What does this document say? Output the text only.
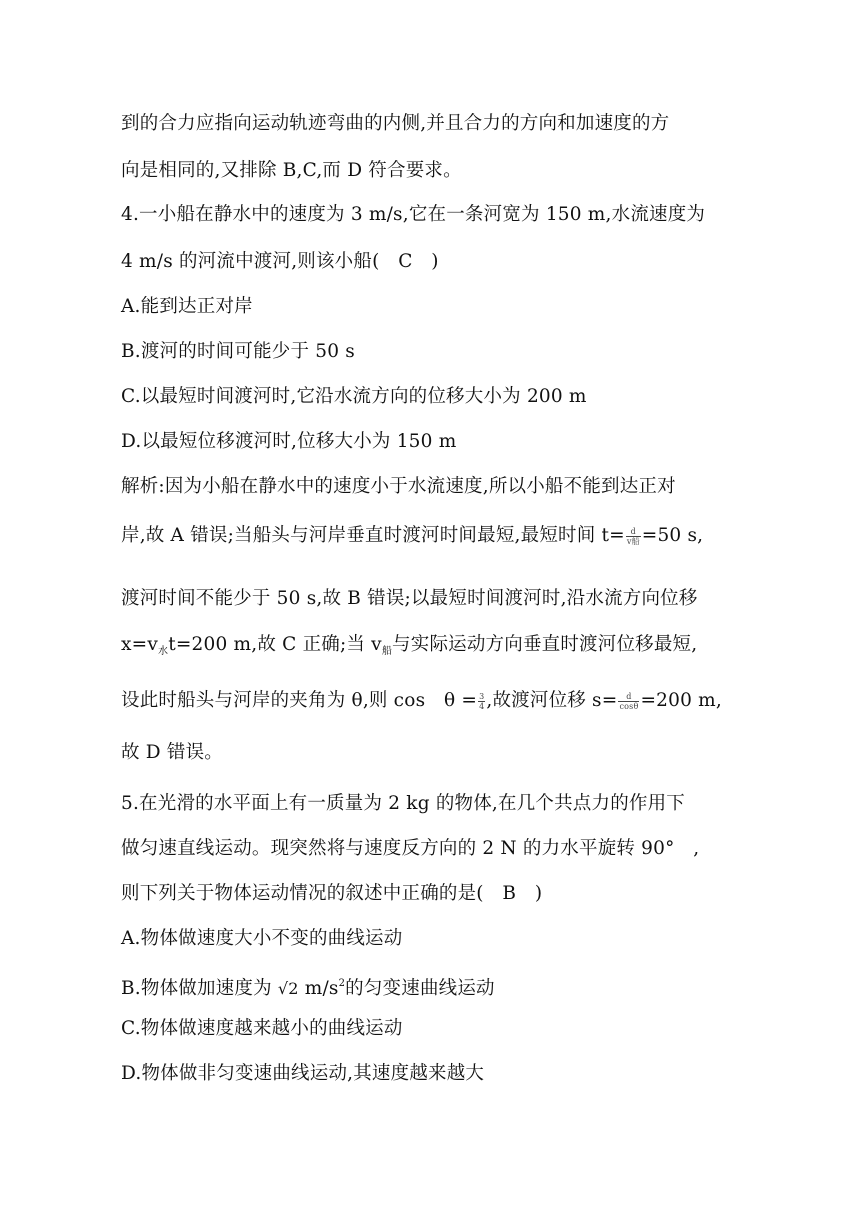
到的合力应指向运动轨迹弯曲的内侧,并且合力的方向和加速度的方
向是相同的,又排除 B,C,而 D 符合要求。
4.一小船在静水中的速度为 3 m/s,它在一条河宽为 150 m,水流速度为
4 m/s 的河流中渡河,则该小船(　C　)
A.能到达正对岸
B.渡河的时间可能少于 50 s
C.以最短时间渡河时,它沿水流方向的位移大小为 200 m
D.以最短位移渡河时,位移大小为 150 m
解析:因为小船在静水中的速度小于水流速度,所以小船不能到达正对
岸,故 A 错误;当船头与河岸垂直时渡河时间最短,最短时间 $t= \frac{d}{\text{v船}} =50$ s,
渡河时间不能少于 50 s,故 B 错误;以最短时间渡河时,沿水流方向位移
$x=v_水t=200$ m,故 C 正确;当 $v_船$与实际运动方向垂直时渡河位移最短,
设此时船头与河岸的夹角为 θ,则 cos　$\theta = \frac{3}{4}$ ,故渡河位移 $s= \frac{d}{\cos\theta} =200$ m,
故 D 错误。
5.在光滑的水平面上有一质量为 2 kg 的物体,在几个共点力的作用下
做匀速直线运动。现突然将与速度反方向的 2 N 的力水平旋转 90°　,
则下列关于物体运动情况的叙述中正确的是(　B　)
A.物体做速度大小不变的曲线运动
B.物体做加速度为 √2 $m/s^2$的匀变速曲线运动
C.物体做速度越来越小的曲线运动
D.物体做非匀变速曲线运动,其速度越来越大
